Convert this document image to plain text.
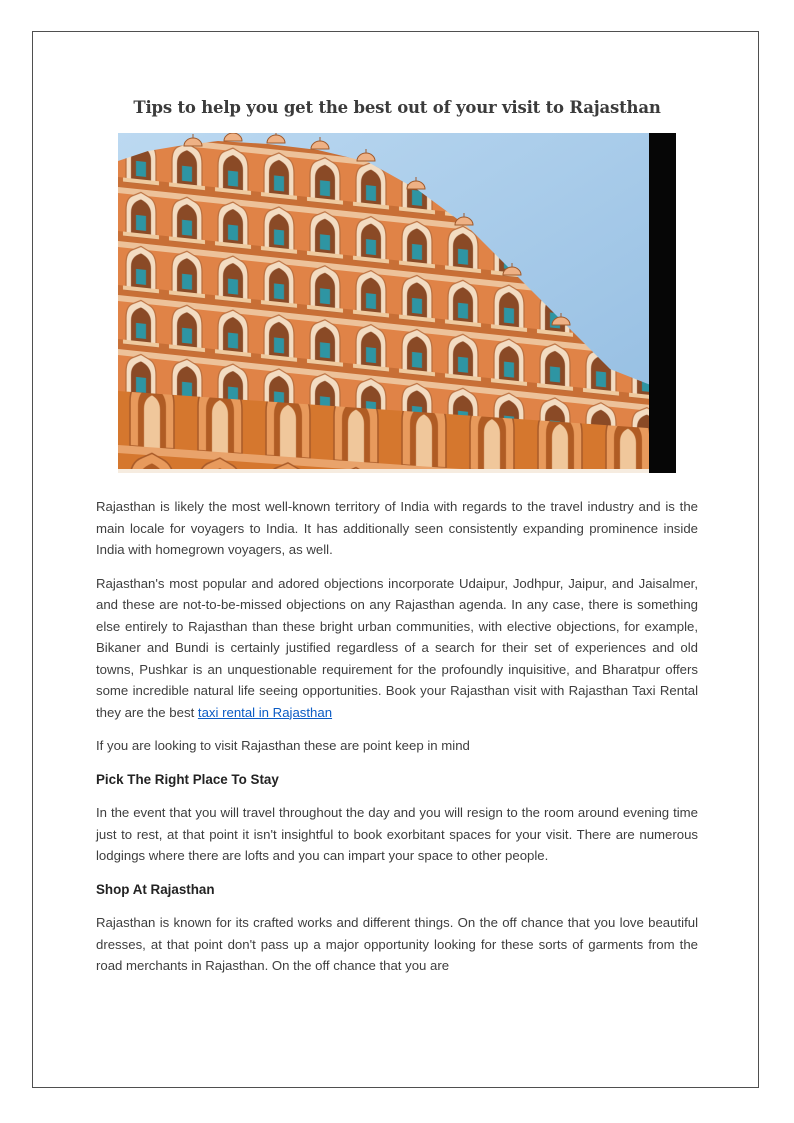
Tips to help you get the best out of your visit to Rajasthan

Rajasthan is likely the most well-known territory of India with regards to the travel industry and is the main locale for voyagers to India. It has additionally seen consistently expanding prominence inside India with homegrown voyagers, as well.

Rajasthan's most popular and adored objections incorporate Udaipur, Jodhpur, Jaipur, and Jaisalmer, and these are not-to-be-missed objections on any Rajasthan agenda. In any case, there is something else entirely to Rajasthan than these bright urban communities, with elective objections, for example, Bikaner and Bundi is certainly justified regardless of a search for their set of experiences and old towns, Pushkar is an unquestionable requirement for the profoundly inquisitive, and Bharatpur offers some incredible natural life seeing opportunities. Book your Rajasthan visit with Rajasthan Taxi Rental they are the best taxi rental in Rajasthan

If you are looking to visit Rajasthan these are point keep in mind

Pick The Right Place To Stay

In the event that you will travel throughout the day and you will resign to the room around evening time just to rest, at that point it isn't insightful to book exorbitant spaces for your visit. There are numerous lodgings where there are lofts and you can impart your space to other people.

Shop At Rajasthan

Rajasthan is known for its crafted works and different things. On the off chance that you love beautiful dresses, at that point don't pass up a major opportunity looking for these sorts of garments from the road merchants in Rajasthan. On the off chance that you are
